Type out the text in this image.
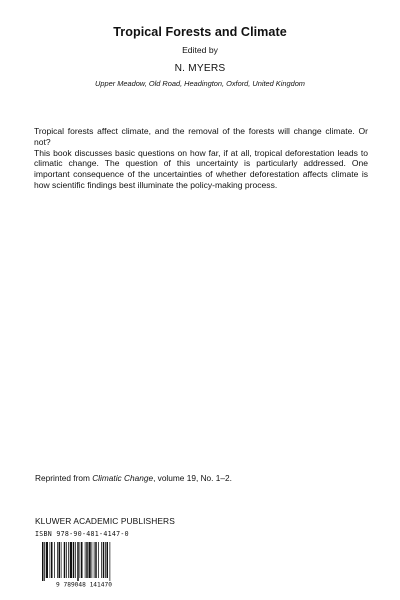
Tropical Forests and Climate
Edited by
N. MYERS
Upper Meadow, Old Road, Headington, Oxford, United Kingdom

Tropical forests affect climate, and the removal of the forests will change climate. Or not?

This book discusses basic questions on how far, if at all, tropical deforestation leads to climatic change. The question of this uncertainty is particularly addressed. One important consequence of the uncertainties of whether deforestation affects climate is how scientific findings best illuminate the policy-making process.

Reprinted from Climatic Change, volume 19, No. 1–2.
KLUWER ACADEMIC PUBLISHERS
ISBN 978-90-481-4147-0
9 789048 141470
